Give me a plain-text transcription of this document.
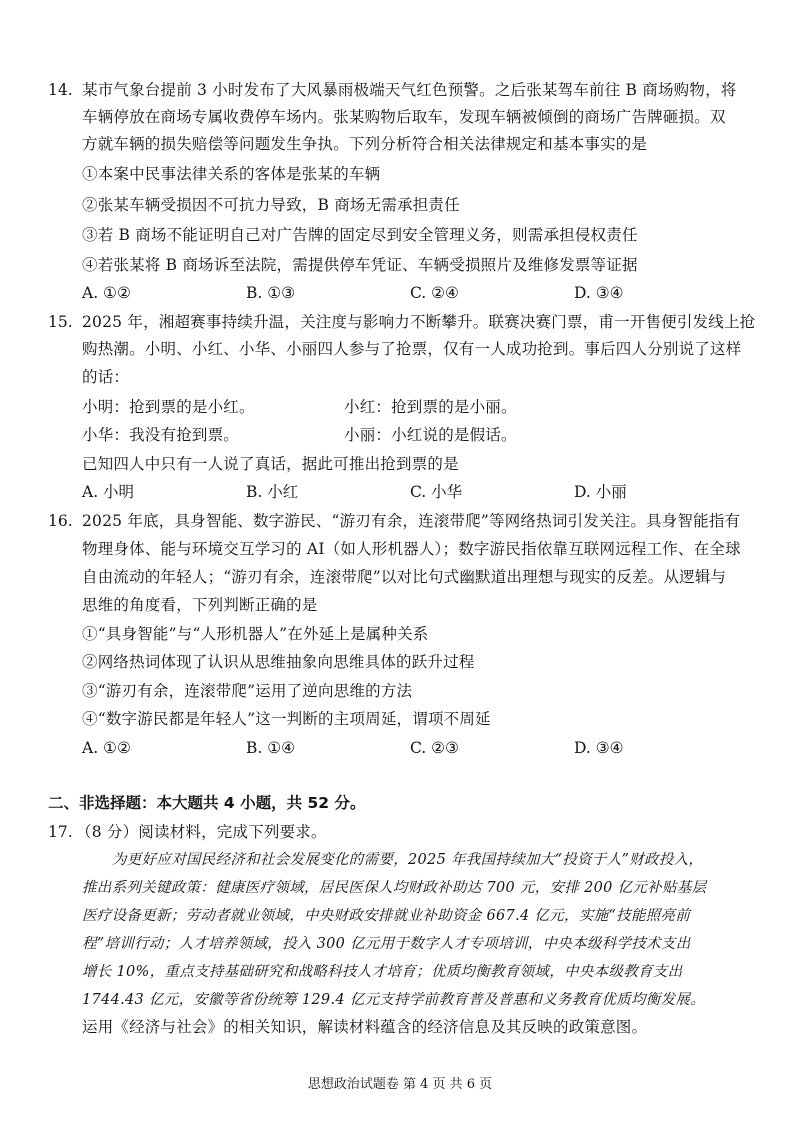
14. 某市气象台提前 3 小时发布了大风暴雨极端天气红色预警。之后张某驾车前往 B 商场购物，将
车辆停放在商场专属收费停车场内。张某购物后取车，发现车辆被倾倒的商场广告牌砸损。双
方就车辆的损失赔偿等问题发生争执。下列分析符合相关法律规定和基本事实的是
①本案中民事法律关系的客体是张某的车辆
②张某车辆受损因不可抗力导致，B 商场无需承担责任
③若 B 商场不能证明自己对广告牌的固定尽到安全管理义务，则需承担侵权责任
④若张某将 B 商场诉至法院，需提供停车凭证、车辆受损照片及维修发票等证据
A. ①②	B. ①③	C. ②④	D. ③④
15. 2025 年，湘超赛事持续升温，关注度与影响力不断攀升。联赛决赛门票，甫一开售便引发线上抢
购热潮。小明、小红、小华、小丽四人参与了抢票，仅有一人成功抢到。事后四人分别说了这样
的话：
小明：抢到票的是小红。	小红：抢到票的是小丽。
小华：我没有抢到票。	小丽：小红说的是假话。
已知四人中只有一人说了真话，据此可推出抢到票的是
A. 小明	B. 小红	C. 小华	D. 小丽
16. 2025 年底，具身智能、数字游民、“游刃有余，连滚带爬”等网络热词引发关注。具身智能指有
物理身体、能与环境交互学习的 AI（如人形机器人）；数字游民指依靠互联网远程工作、在全球
自由流动的年轻人；“游刃有余，连滚带爬”以对比句式幽默道出理想与现实的反差。从逻辑与
思维的角度看，下列判断正确的是
①“具身智能”与“人形机器人”在外延上是属种关系
②网络热词体现了认识从思维抽象向思维具体的跃升过程
③“游刃有余，连滚带爬”运用了逆向思维的方法
④“数字游民都是年轻人”这一判断的主项周延，谓项不周延
A. ①②	B. ①④	C. ②③	D. ③④
二、非选择题：本大题共 4 小题，共 52 分。
17. （8 分）阅读材料，完成下列要求。
为更好应对国民经济和社会发展变化的需要，2025 年我国持续加大“投资于人”财政投入，
推出系列关键政策：健康医疗领域，居民医保人均财政补助达 700 元，安排 200 亿元补贴基层
医疗设备更新；劳动者就业领域，中央财政安排就业补助资金 667.4 亿元，实施“技能照亮前
程”培训行动；人才培养领域，投入 300 亿元用于数字人才专项培训，中央本级科学技术支出
增长 10%，重点支持基础研究和战略科技人才培育；优质均衡教育领域，中央本级教育支出
1744.43 亿元，安徽等省份统筹 129.4 亿元支持学前教育普及普惠和义务教育优质均衡发展。
运用《经济与社会》的相关知识，解读材料蕴含的经济信息及其反映的政策意图。
思想政治试题卷 第 4 页 共 6 页
